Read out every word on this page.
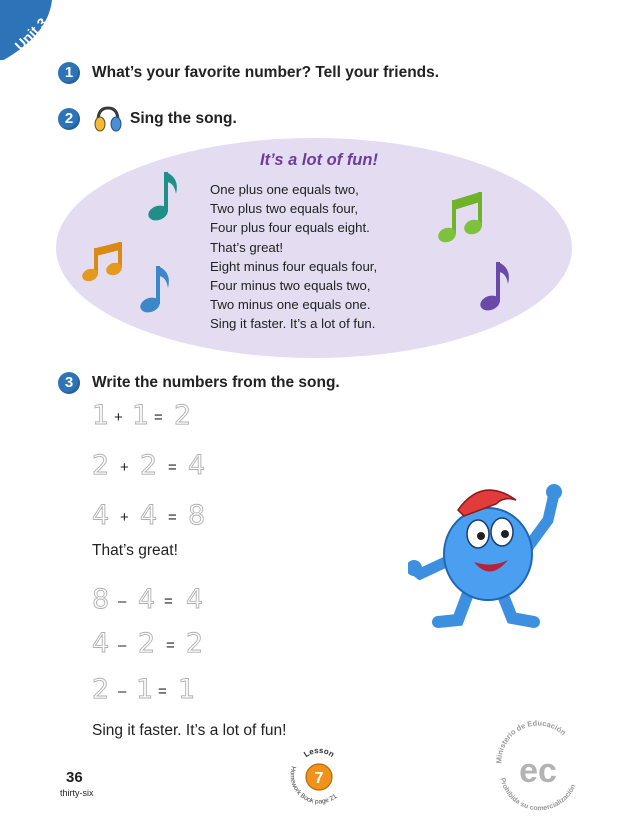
Unit 3
1	What’s your favorite number? Tell your friends.
2	Sing the song.
It’s a lot of fun!
One plus one equals two,
Two plus two equals four,
Four plus four equals eight.
That’s great!
Eight minus four equals four,
Four minus two equals two,
Two minus one equals one.
Sing it faster. It’s a lot of fun.
3	Write the numbers from the song.
1 + 1 = 2
2 + 2 = 4
4 + 4 = 8
That’s great!
8 – 4 = 4
4 – 2 = 2
2 – 1 = 1
Sing it faster. It’s a lot of fun!
36
thirty-six
Lesson
7
Homework Book page 21
Ministerio de Educación
ec
Prohibida su comercialización
